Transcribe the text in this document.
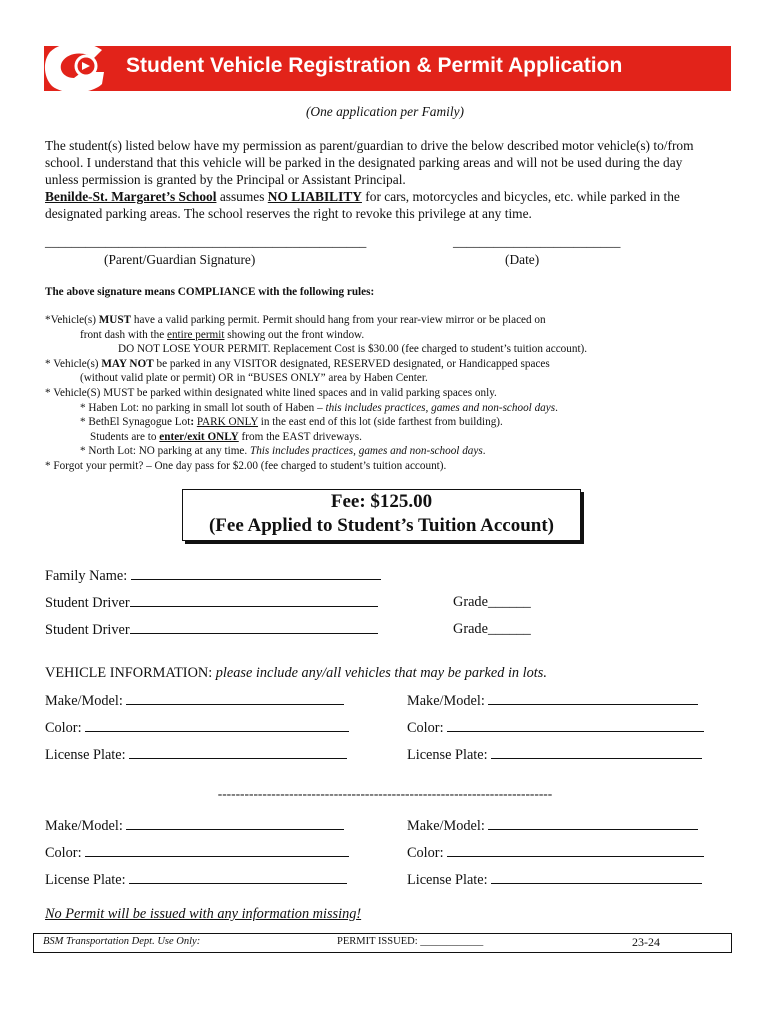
Student Vehicle Registration & Permit Application
(One application per Family)
The student(s) listed below have my permission as parent/guardian to drive the below described motor vehicle(s) to/from
school. I understand that this vehicle will be parked in the designated parking areas and will not be used during the day
unless permission is granted by the Principal or Assistant Principal.
Benilde-St. Margaret’s School assumes NO LIABILITY for cars, motorcycles and bicycles, etc. while parked in the
designated parking areas. The school reserves the right to revoke this privilege at any time.
________________________________________________	_________________________
(Parent/Guardian Signature)	(Date)
The above signature means COMPLIANCE with the following rules:
*Vehicle(s) MUST have a valid parking permit. Permit should hang from your rear-view mirror or be placed on
front dash with the entire permit showing out the front window.
DO NOT LOSE YOUR PERMIT. Replacement Cost is $30.00 (fee charged to student’s tuition account).
* Vehicle(s) MAY NOT be parked in any VISITOR designated, RESERVED designated, or Handicapped spaces
(without valid plate or permit) OR in “BUSES ONLY” area by Haben Center.
* Vehicle(S) MUST be parked within designated white lined spaces and in valid parking spaces only.
* Haben Lot: no parking in small lot south of Haben – this includes practices, games and non-school days.
* BethEl Synagogue Lot: PARK ONLY in the east end of this lot (side farthest from building).
Students are to enter/exit ONLY from the EAST driveways.
* North Lot: NO parking at any time. This includes practices, games and non-school days.
* Forgot your permit? – One day pass for $2.00 (fee charged to student’s tuition account).
Fee: $125.00
(Fee Applied to Student’s Tuition Account)
Family Name:
Student Driver	Grade______
Student Driver	Grade______
VEHICLE INFORMATION: please include any/all vehicles that may be parked in lots.
Make/Model:	Make/Model:
Color:	Color:
License Plate:	License Plate:
---------------------------------------------------------------------------
Make/Model:	Make/Model:
Color:	Color:
License Plate:	License Plate:
No Permit will be issued with any information missing!
BSM Transportation Dept. Use Only:	PERMIT ISSUED: ____________	23-24
